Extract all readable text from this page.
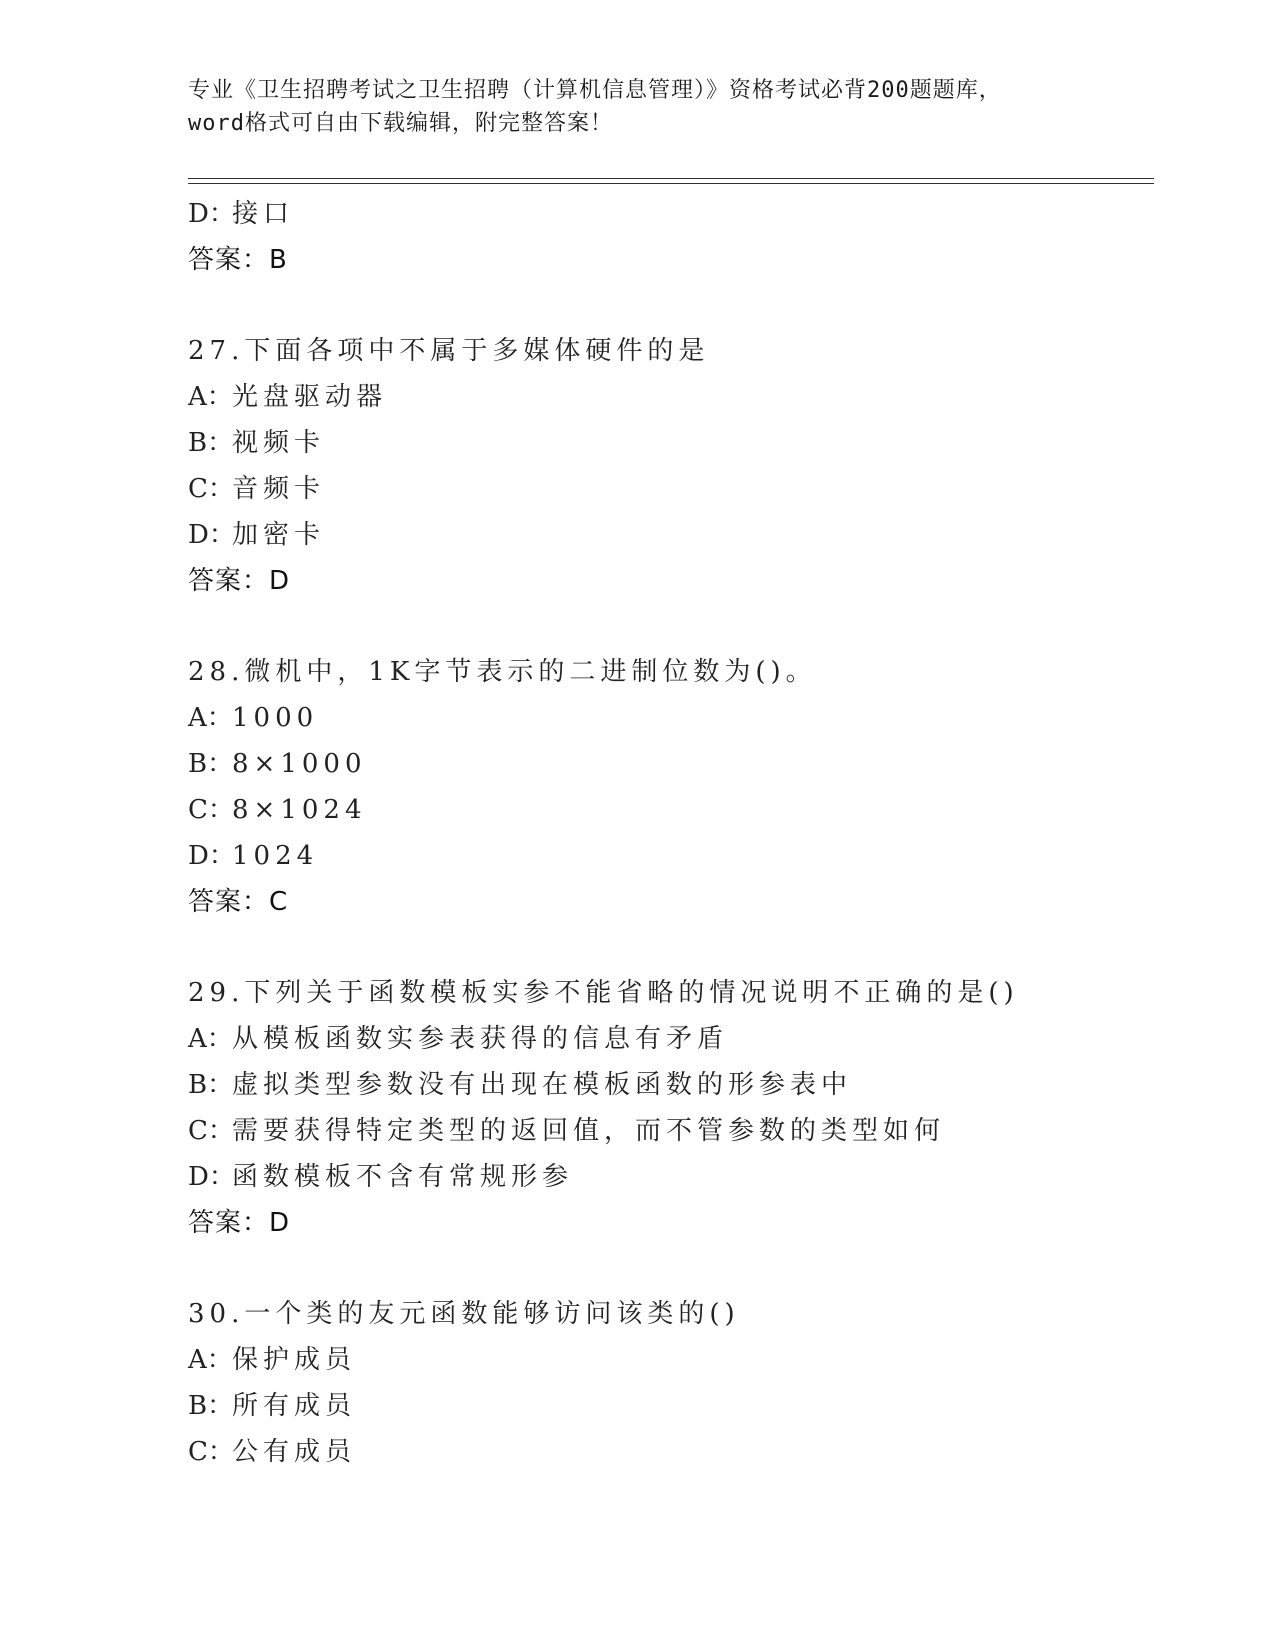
专业《卫生招聘考试之卫生招聘（计算机信息管理）》资格考试必背200题题库，
word格式可自由下载编辑，附完整答案！
D：接口
答案：B
27.下面各项中不属于多媒体硬件的是
A：光盘驱动器
B：视频卡
C：音频卡
D：加密卡
答案：D
28.微机中，1K字节表示的二进制位数为()。
A：1000
B：8×1000
C：8×1024
D：1024
答案：C
29.下列关于函数模板实参不能省略的情况说明不正确的是()
A：从模板函数实参表获得的信息有矛盾
B：虚拟类型参数没有出现在模板函数的形参表中
C：需要获得特定类型的返回值，而不管参数的类型如何
D：函数模板不含有常规形参
答案：D
30.一个类的友元函数能够访问该类的()
A：保护成员
B：所有成员
C：公有成员
